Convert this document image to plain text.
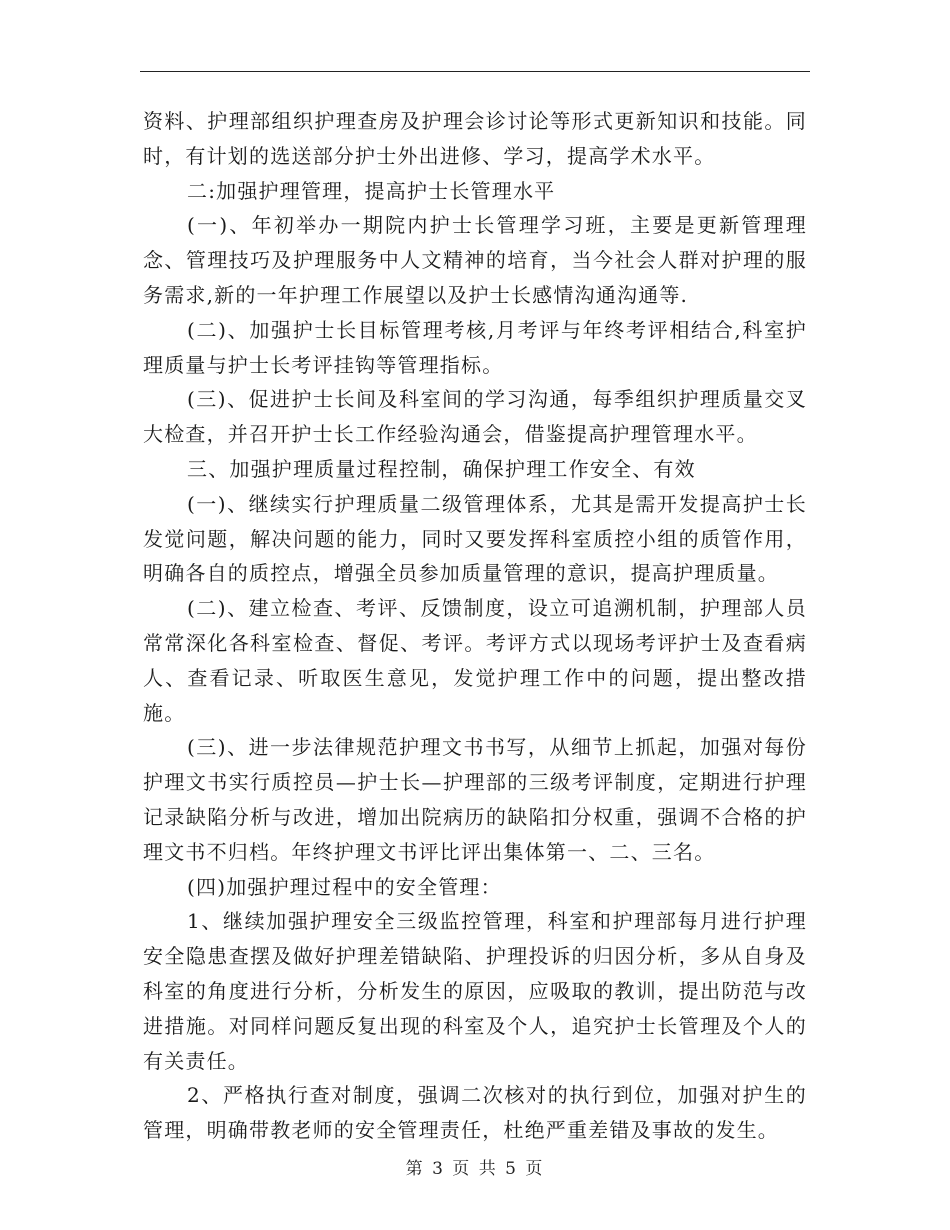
资料、护理部组织护理查房及护理会诊讨论等形式更新知识和技能。同时，有计划的选送部分护士外出进修、学习，提高学术水平。

二:加强护理管理，提高护士长管理水平

(一)、年初举办一期院内护士长管理学习班，主要是更新管理理念、管理技巧及护理服务中人文精神的培育，当今社会人群对护理的服务需求,新的一年护理工作展望以及护士长感情沟通沟通等.

(二)、加强护士长目标管理考核,月考评与年终考评相结合,科室护理质量与护士长考评挂钩等管理指标。

(三)、促进护士长间及科室间的学习沟通，每季组织护理质量交叉大检查，并召开护士长工作经验沟通会，借鉴提高护理管理水平。

三、加强护理质量过程控制，确保护理工作安全、有效

(一)、继续实行护理质量二级管理体系，尤其是需开发提高护士长发觉问题，解决问题的能力，同时又要发挥科室质控小组的质管作用，明确各自的质控点，增强全员参加质量管理的意识，提高护理质量。

(二)、建立检查、考评、反馈制度，设立可追溯机制，护理部人员常常深化各科室检查、督促、考评。考评方式以现场考评护士及查看病人、查看记录、听取医生意见，发觉护理工作中的问题，提出整改措施。

(三)、进一步法律规范护理文书书写，从细节上抓起，加强对每份护理文书实行质控员—护士长—护理部的三级考评制度，定期进行护理记录缺陷分析与改进，增加出院病历的缺陷扣分权重，强调不合格的护理文书不归档。年终护理文书评比评出集体第一、二、三名。

(四)加强护理过程中的安全管理：

1、继续加强护理安全三级监控管理，科室和护理部每月进行护理安全隐患查摆及做好护理差错缺陷、护理投诉的归因分析，多从自身及科室的角度进行分析，分析发生的原因，应吸取的教训，提出防范与改进措施。对同样问题反复出现的科室及个人，追究护士长管理及个人的有关责任。

2、严格执行查对制度，强调二次核对的执行到位，加强对护生的管理，明确带教老师的安全管理责任，杜绝严重差错及事故的发生。

第 3 页 共 5 页
